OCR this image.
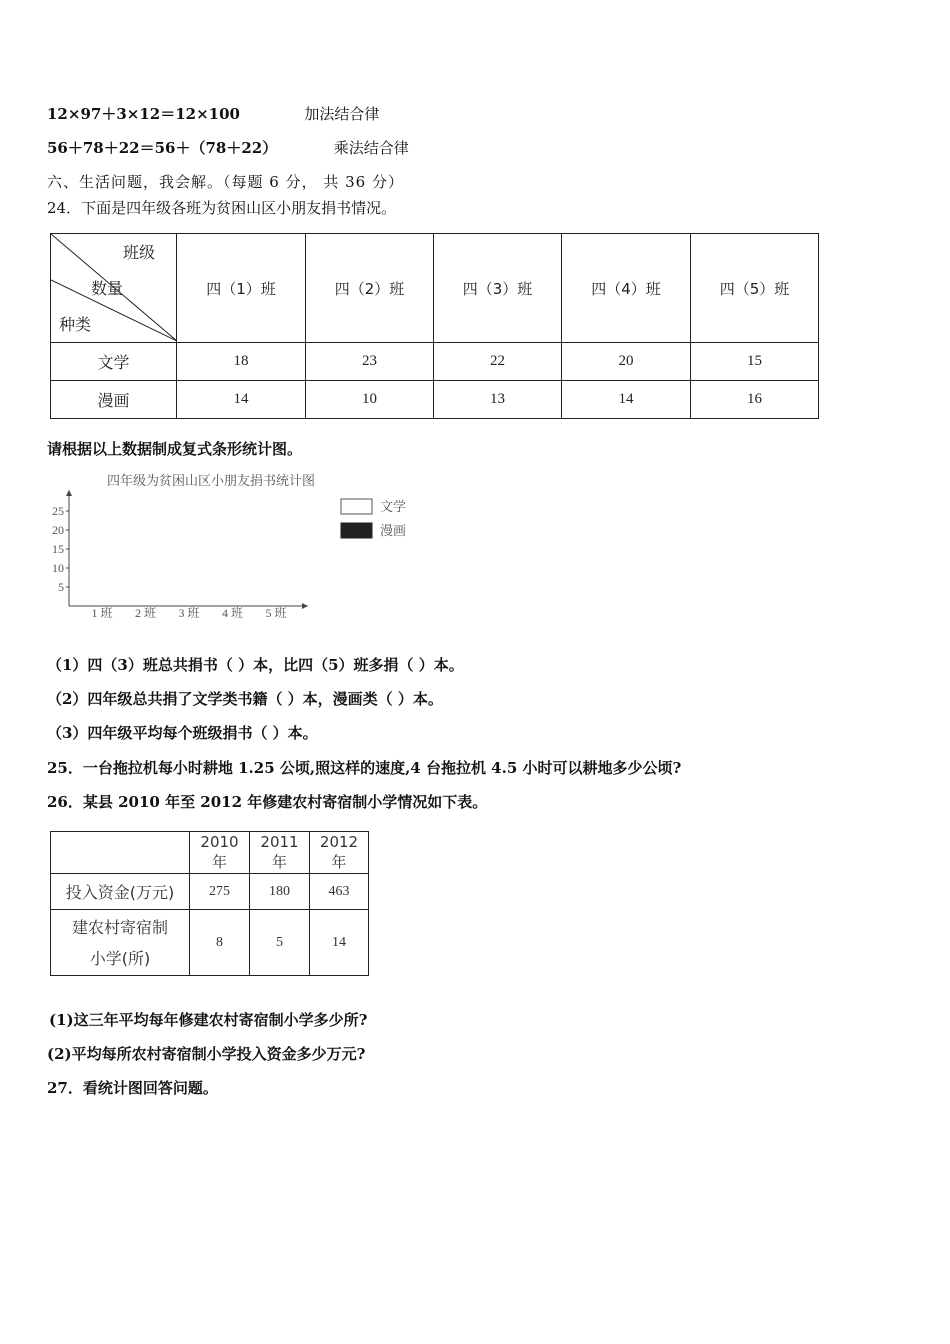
12×97＋3×12＝12×100	加法结合律
56＋78＋22＝56＋（78＋22）	乘法结合律
六、生活问题，我会解。（每题 6 分， 共 36 分）
24．下面是四年级各班为贫困山区小朋友捐书情况。
班级
数量
种类	四（1）班	四（2）班	四（3）班	四（4）班	四（5）班
文学	18	23	22	20	15
漫画	14	10	13	14	16
请根据以上数据制成复式条形统计图。
四年级为贫困山区小朋友捐书统计图
5
10
15
20
25
1 班 2 班 3 班 4 班 5 班
文学
漫画
（1）四（3）班总共捐书（ ）本，比四（5）班多捐（ ）本。
（2）四年级总共捐了文学类书籍（ ）本，漫画类（ ）本。
（3）四年级平均每个班级捐书（ ）本。
25．一台拖拉机每小时耕地 1.25 公顷,照这样的速度,4 台拖拉机 4.5 小时可以耕地多少公顷?
26．某县 2010 年至 2012 年修建农村寄宿制小学情况如下表。
	2010 年	2011 年	2012 年
投入资金(万元)	275	180	463

建农村寄宿制
小学(所)	8	5	14
(1)这三年平均每年修建农村寄宿制小学多少所?
(2)平均每所农村寄宿制小学投入资金多少万元?
27．看统计图回答问题。
